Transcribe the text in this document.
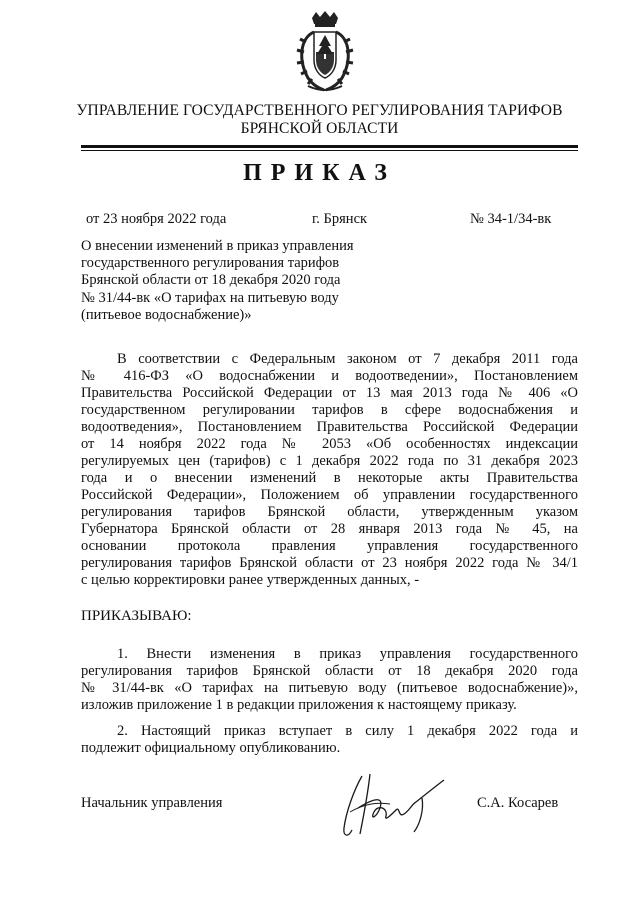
УПРАВЛЕНИЕ ГОСУДАРСТВЕННОГО РЕГУЛИРОВАНИЯ ТАРИФОВ
БРЯНСКОЙ ОБЛАСТИ
ПРИКАЗ
от 23 ноября 2022 года	г. Брянск	№ 34-1/34-вк
О внесении изменений в приказ управления
государственного регулирования тарифов
Брянской области от 18 декабря 2020 года
№ 31/44-вк «О тарифах на питьевую воду
(питьевое водоснабжение)»
В соответствии с Федеральным законом от 7 декабря 2011 года
№ 416-ФЗ «О водоснабжении и водоотведении», Постановлением
Правительства Российской Федерации от 13 мая 2013 года № 406 «О
государственном регулировании тарифов в сфере водоснабжения и
водоотведения», Постановлением Правительства Российской Федерации
от 14 ноября 2022 года № 2053 «Об особенностях индексации
регулируемых цен (тарифов) с 1 декабря 2022 года по 31 декабря 2023
года и о внесении изменений в некоторые акты Правительства
Российской Федерации», Положением об управлении государственного
регулирования тарифов Брянской области, утвержденным указом
Губернатора Брянской области от 28 января 2013 года № 45, на
основании протокола правления управления государственного
регулирования тарифов Брянской области от 23 ноября 2022 года № 34/1
с целью корректировки ранее утвержденных данных, -
ПРИКАЗЫВАЮ:
1. Внести изменения в приказ управления государственного
регулирования тарифов Брянской области от 18 декабря 2020 года
№ 31/44-вк «О тарифах на питьевую воду (питьевое водоснабжение)»,
изложив приложение 1 в редакции приложения к настоящему приказу.
2. Настоящий приказ вступает в силу 1 декабря 2022 года и
подлежит официальному опубликованию.
Начальник управления	С.А. Косарев
